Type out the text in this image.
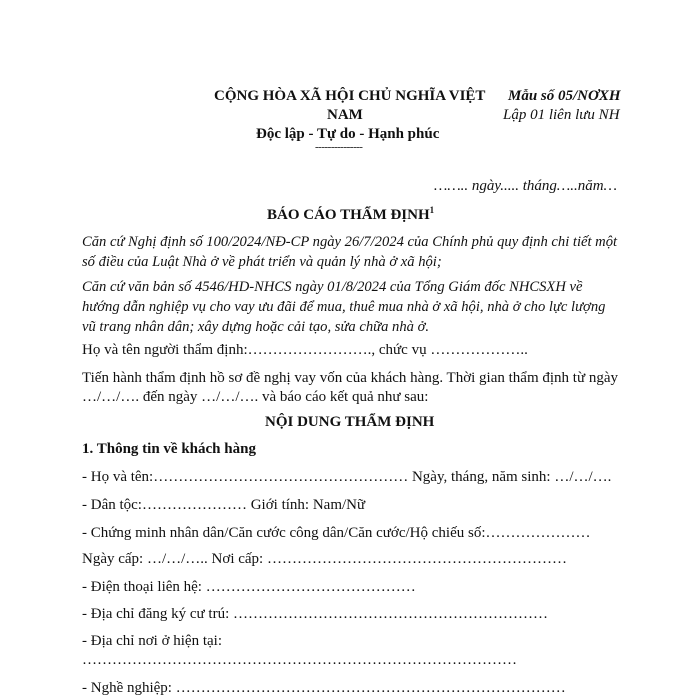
CỘNG HÒA XÃ HỘI CHỦ NGHĨA VIỆT
NAM
Độc lập - Tự do - Hạnh phúc
---------------
Mẫu số 05/NƠXH
Lập 01 liên lưu NH
…….. ngày..... tháng…..năm…
BÁO CÁO THẨM ĐỊNH$^1$
Căn cứ Nghị định số 100/2024/NĐ-CP ngày 26/7/2024 của Chính phủ quy định chi tiết một số điều của Luật Nhà ở về phát triển và quản lý nhà ở xã hội;
Căn cứ văn bản số 4546/HD-NHCS ngày 01/8/2024 của Tổng Giám đốc NHCSXH về hướng dẫn nghiệp vụ cho vay ưu đãi để mua, thuê mua nhà ở xã hội, nhà ở cho lực lượng vũ trang nhân dân; xây dựng hoặc cải tạo, sửa chữa nhà ở.
Họ và tên người thẩm định:……………………., chức vụ ………………..
Tiến hành thẩm định hồ sơ đề nghị vay vốn của khách hàng. Thời gian thẩm định từ ngày
…/…/…. đến ngày …/…/…. và báo cáo kết quả như sau:
NỘI DUNG THẨM ĐỊNH
1. Thông tin về khách hàng
- Họ và tên:…………………………………………… Ngày, tháng, năm sinh: …/…/….
- Dân tộc:………………… Giới tính: Nam/Nữ
- Chứng minh nhân dân/Căn cước công dân/Căn cước/Hộ chiếu số:…………………
Ngày cấp: …/…/….. Nơi cấp: ……………………………………………………
- Điện thoại liên hệ: ……………………………………
- Địa chỉ đăng ký cư trú: ………………………………………………………
- Địa chỉ nơi ở hiện tại:
……………………………………………………………………………
- Nghề nghiệp: ……………………………………………………………………
